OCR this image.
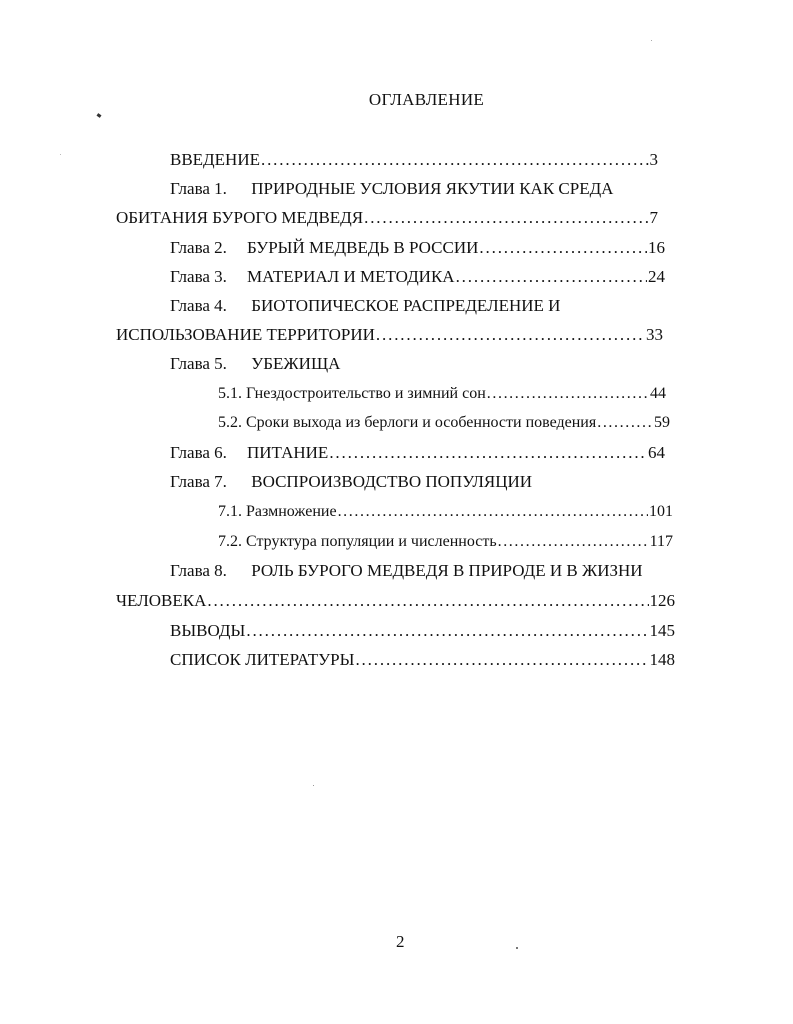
ОГЛАВЛЕНИЕ
ВВЕДЕНИЕ . . .	3
Глава 1. ПРИРОДНЫЕ УСЛОВИЯ ЯКУТИИ КАК СРЕДА
ОБИТАНИЯ БУРОГО МЕДВЕДЯ . . .	7
Глава 2.	БУРЫЙ МЕДВЕДЬ В РОССИИ . . .	16
Глава 3.	МАТЕРИАЛ И МЕТОДИКА . . .	24
Глава 4. БИОТОПИЧЕСКОЕ РАСПРЕДЕЛЕНИЕ И
ИСПОЛЬЗОВАНИЕ ТЕРРИТОРИИ . . .	33
Глава 5. УБЕЖИЩА
5.1. Гнездостроительство и зимний сон . . .	44
5.2. Сроки выхода из берлоги и особенности поведения . . .	59
Глава 6.	ПИТАНИЕ . . .	64
Глава 7. ВОСПРОИЗВОДСТВО ПОПУЛЯЦИИ
7.1. Размножение . . .	101
7.2. Структура популяции и численность . . .	117
Глава 8. РОЛЬ БУРОГО МЕДВЕДЯ В ПРИРОДЕ И В ЖИЗНИ
ЧЕЛОВЕКА . . .	126
ВЫВОДЫ . . .	145
СПИСОК ЛИТЕРАТУРЫ . . .	148
2
